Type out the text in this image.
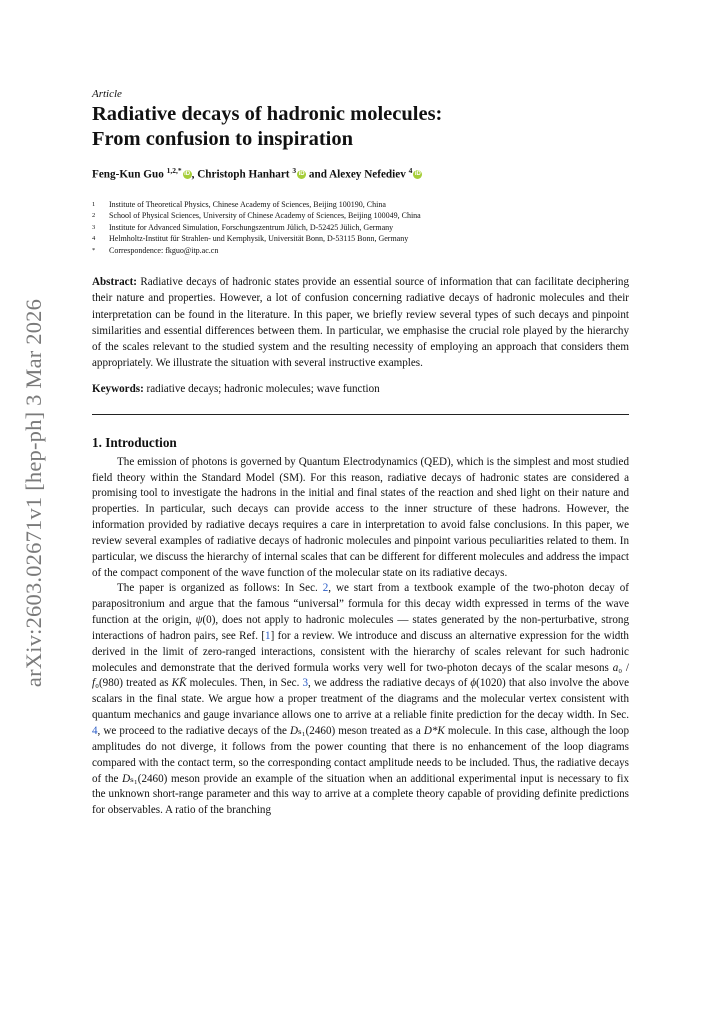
arXiv:2603.02671v1 [hep-ph] 3 Mar 2026

Article

Radiative decays of hadronic molecules:
From confusion to inspiration

Feng-Kun Guo $^{1,2,*}$ iD , Christoph Hanhart $^3$ iD and Alexey Nefediev $^4$ iD

1	Institute of Theoretical Physics, Chinese Academy of Sciences, Beijing 100190, China
2	School of Physical Sciences, University of Chinese Academy of Sciences, Beijing 100049, China
3	Institute for Advanced Simulation, Forschungszentrum Jülich, D-52425 Jülich, Germany
4	Helmholtz-Institut für Strahlen- und Kernphysik, Universität Bonn, D-53115 Bonn, Germany
*	Correspondence: fkguo@itp.ac.cn

Abstract: Radiative decays of hadronic states provide an essential source of information that can facilitate deciphering their nature and properties. However, a lot of confusion concerning radiative decays of hadronic molecules and their interpretation can be found in the literature. In this paper, we briefly review several types of such decays and pinpoint similarities and essential differences between them. In particular, we emphasise the crucial role played by the hierarchy of the scales relevant to the studied system and the resulting necessity of employing an approach that considers them appropriately. We illustrate the situation with several instructive examples.

Keywords: radiative decays; hadronic molecules; wave function

1. Introduction

The emission of photons is governed by Quantum Electrodynamics (QED), which is the simplest and most studied field theory within the Standard Model (SM). For this reason, radiative decays of hadronic states are considered a promising tool to investigate the hadrons in the initial and final states of the reaction and shed light on their nature and properties. In particular, such decays can provide access to the inner structure of these hadrons. However, the information provided by radiative decays requires a care in interpretation to avoid false conclusions. In this paper, we review several examples of radiative decays of hadronic molecules and pinpoint various peculiarities related to them. In particular, we discuss the hierarchy of internal scales that can be different for different molecules and address the impact of the compact component of the wave function of the molecular state on its radiative decays.

The paper is organized as follows: In Sec. 2, we start from a textbook example of the two-photon decay of parapositronium and argue that the famous “universal” formula for this decay width expressed in terms of the wave function at the origin, ψ(0), does not apply to hadronic molecules — states generated by the non-perturbative, strong interactions of hadron pairs, see Ref. [1] for a review. We introduce and discuss an alternative expression for the width derived in the limit of zero-ranged interactions, consistent with the hierarchy of scales relevant for such hadronic molecules and demonstrate that the derived formula works very well for two-photon decays of the scalar mesons a₀ / f₀(980) treated as KK̄ molecules. Then, in Sec. 3, we address the radiative decays of ϕ(1020) that also involve the above scalars in the final state. We argue how a proper treatment of the diagrams and the molecular vertex consistent with quantum mechanics and gauge invariance allows one to arrive at a reliable finite prediction for the decay width. In Sec. 4, we proceed to the radiative decays of the Dₛ₁(2460) meson treated as a D*K molecule. In this case, although the loop amplitudes do not diverge, it follows from the power counting that there is no enhancement of the loop diagrams compared with the contact term, so the corresponding contact amplitude needs to be included. Thus, the radiative decays of the Dₛ₁(2460) meson provide an example of the situation when an additional experimental input is necessary to fix the unknown short-range parameter and this way to arrive at a complete theory capable of providing definite predictions for observables. A ratio of the branching
